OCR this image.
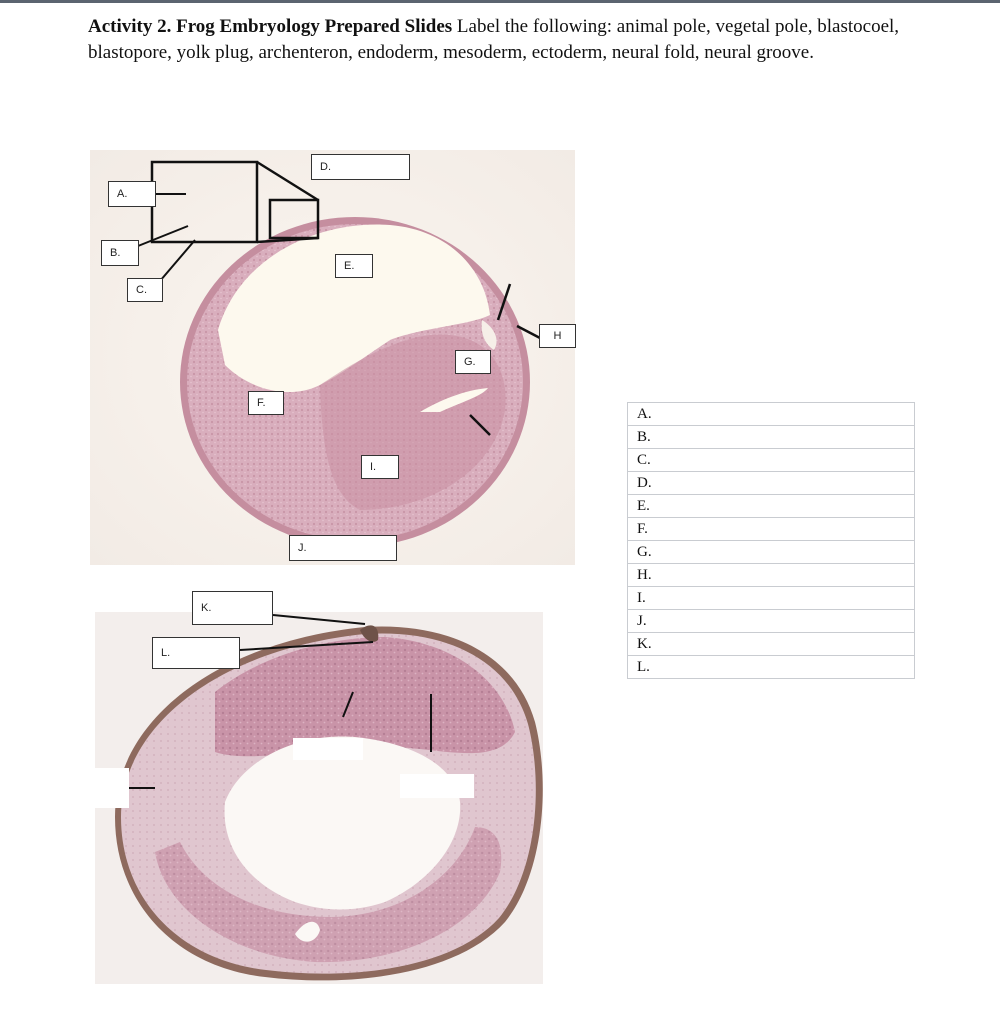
Activity 2. Frog Embryology Prepared Slides Label the following: animal pole, vegetal pole, blastocoel, blastopore, yolk plug, archenteron, endoderm, mesoderm, ectoderm, neural fold, neural groove.

A.
B.
C.
D.
E.
F.
G.
H
I.
J.
K.
L.
A.
B.
C.
D.
E.
F.
G.
H.
I.
J.
K.
L.
